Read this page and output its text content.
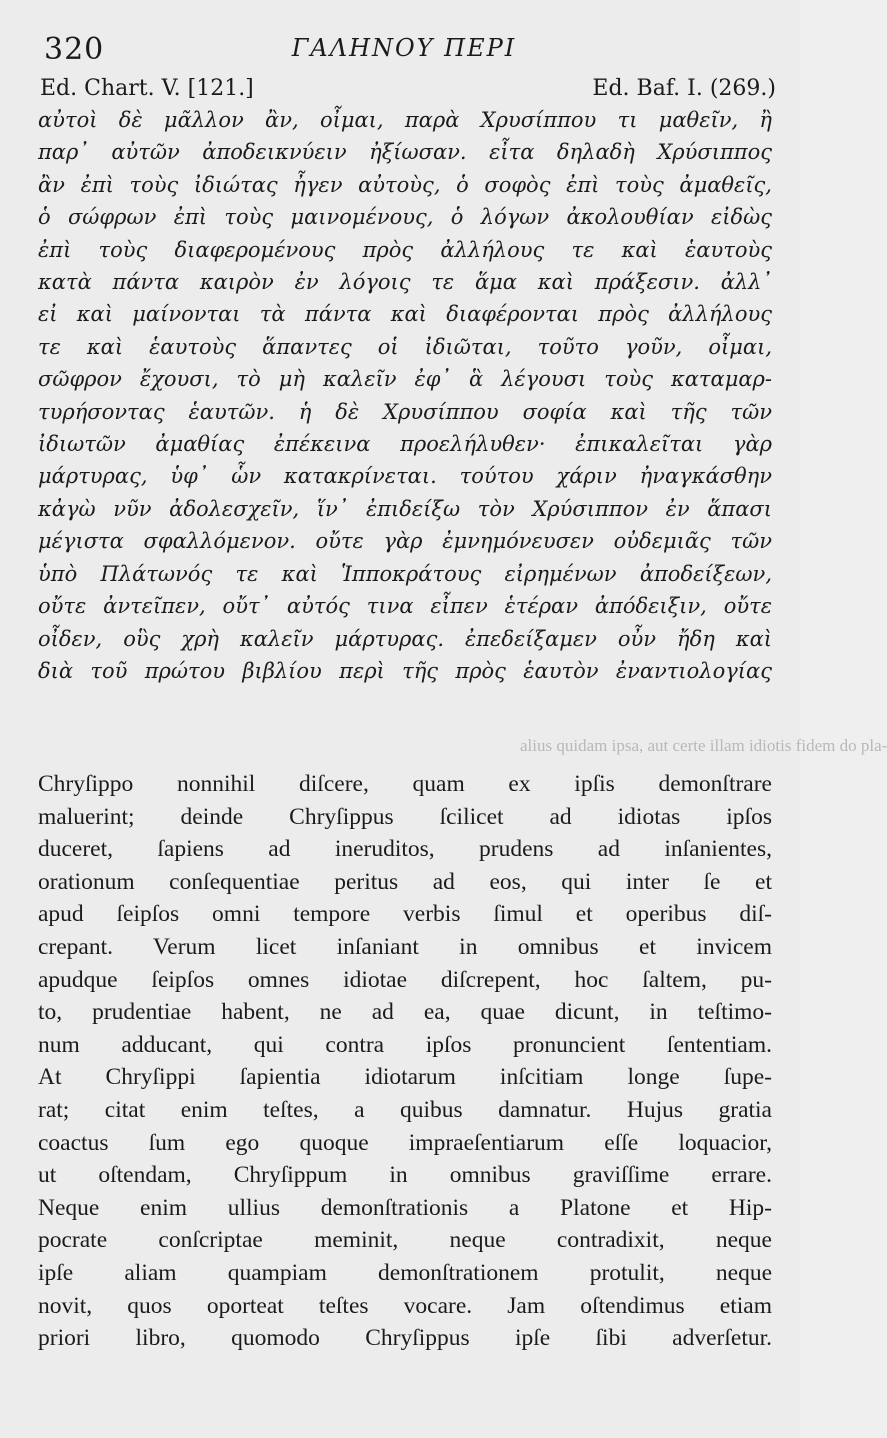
320	ΓΑΛΗΝΟΥ ΠΕΡΙ
Ed. Chart. V. [121.]	Ed. Baf. I. (269.)
αὐτοὶ δὲ μᾶλλον ἂν, οἶμαι, παρὰ Χρυσίππου τι μαθεῖν, ἢ
παρ᾽ αὐτῶν ἀποδεικνύειν ἠξίωσαν. εἶτα δηλαδὴ Χρύσιππος
ἂν ἐπὶ τοὺς ἰδιώτας ἦγεν αὐτοὺς, ὁ σοφὸς ἐπὶ τοὺς ἀμαθεῖς,
ὁ σώφρων ἐπὶ τοὺς μαινομένους, ὁ λόγων ἀκολουθίαν εἰδὼς
ἐπὶ τοὺς διαφερομένους πρὸς ἀλλήλους τε καὶ ἑαυτοὺς
κατὰ πάντα καιρὸν ἐν λόγοις τε ἅμα καὶ πράξεσιν. ἀλλ᾽
εἰ καὶ μαίνονται τὰ πάντα καὶ διαφέρονται πρὸς ἀλλήλους
τε καὶ ἑαυτοὺς ἅπαντες οἱ ἰδιῶται, τοῦτο γοῦν, οἶμαι,
σῶφρον ἔχουσι, τὸ μὴ καλεῖν ἐφ᾽ ἃ λέγουσι τοὺς καταμαρ-
τυρήσοντας ἑαυτῶν. ἡ δὲ Χρυσίππου σοφία καὶ τῆς τῶν
ἰδιωτῶν ἀμαθίας ἐπέκεινα προελήλυθεν· ἐπικαλεῖται γὰρ
μάρτυρας, ὑφ᾽ ὧν κατακρίνεται. τούτου χάριν ἠναγκάσθην
κἀγὼ νῦν ἀδολεσχεῖν, ἵν᾽ ἐπιδείξω τὸν Χρύσιππον ἐν ἅπασι
μέγιστα σφαλλόμενον. οὔτε γὰρ ἐμνημόνευσεν οὐδεμιᾶς τῶν
ὑπὸ Πλάτωνός τε καὶ Ἱπποκράτους εἰρημένων ἀποδείξεων,
οὔτε ἀντεῖπεν, οὔτ᾽ αὐτός τινα εἶπεν ἑτέραν ἀπόδειξιν, οὔτε
οἶδεν, οὓς χρὴ καλεῖν μάρτυρας. ἐπεδείξαμεν οὖν ἤδη καὶ
διὰ τοῦ πρώτου βιβλίου περὶ τῆς πρὸς ἑαυτὸν ἐναντιολογίας
alius quidam ipsa, aut certe illam idiotis fidem do pla-
Chryſippo nonnihil diſcere, quam ex ipſis demonſtrare
maluerint; deinde Chryſippus ſcilicet ad idiotas ipſos
duceret, ſapiens ad ineruditos, prudens ad inſanientes,
orationum conſequentiae peritus ad eos, qui inter ſe et
apud ſeipſos omni tempore verbis ſimul et operibus diſ-
crepant. Verum licet inſaniant in omnibus et invicem
apudque ſeipſos omnes idiotae diſcrepent, hoc ſaltem, pu-
to, prudentiae habent, ne ad ea, quae dicunt, in teſtimo-
num adducant, qui contra ipſos pronuncient ſententiam.
At Chryſippi ſapientia idiotarum inſcitiam longe ſupe-
rat; citat enim teſtes, a quibus damnatur. Hujus gratia
coactus ſum ego quoque impraeſentiarum eſſe loquacior,
ut oſtendam, Chryſippum in omnibus graviſſime errare.
Neque enim ullius demonſtrationis a Platone et Hip-
pocrate conſcriptae meminit, neque contradixit, neque
ipſe aliam quampiam demonſtrationem protulit, neque
novit, quos oporteat teſtes vocare. Jam oſtendimus etiam
priori libro, quomodo Chryſippus ipſe ſibi adverſetur.
